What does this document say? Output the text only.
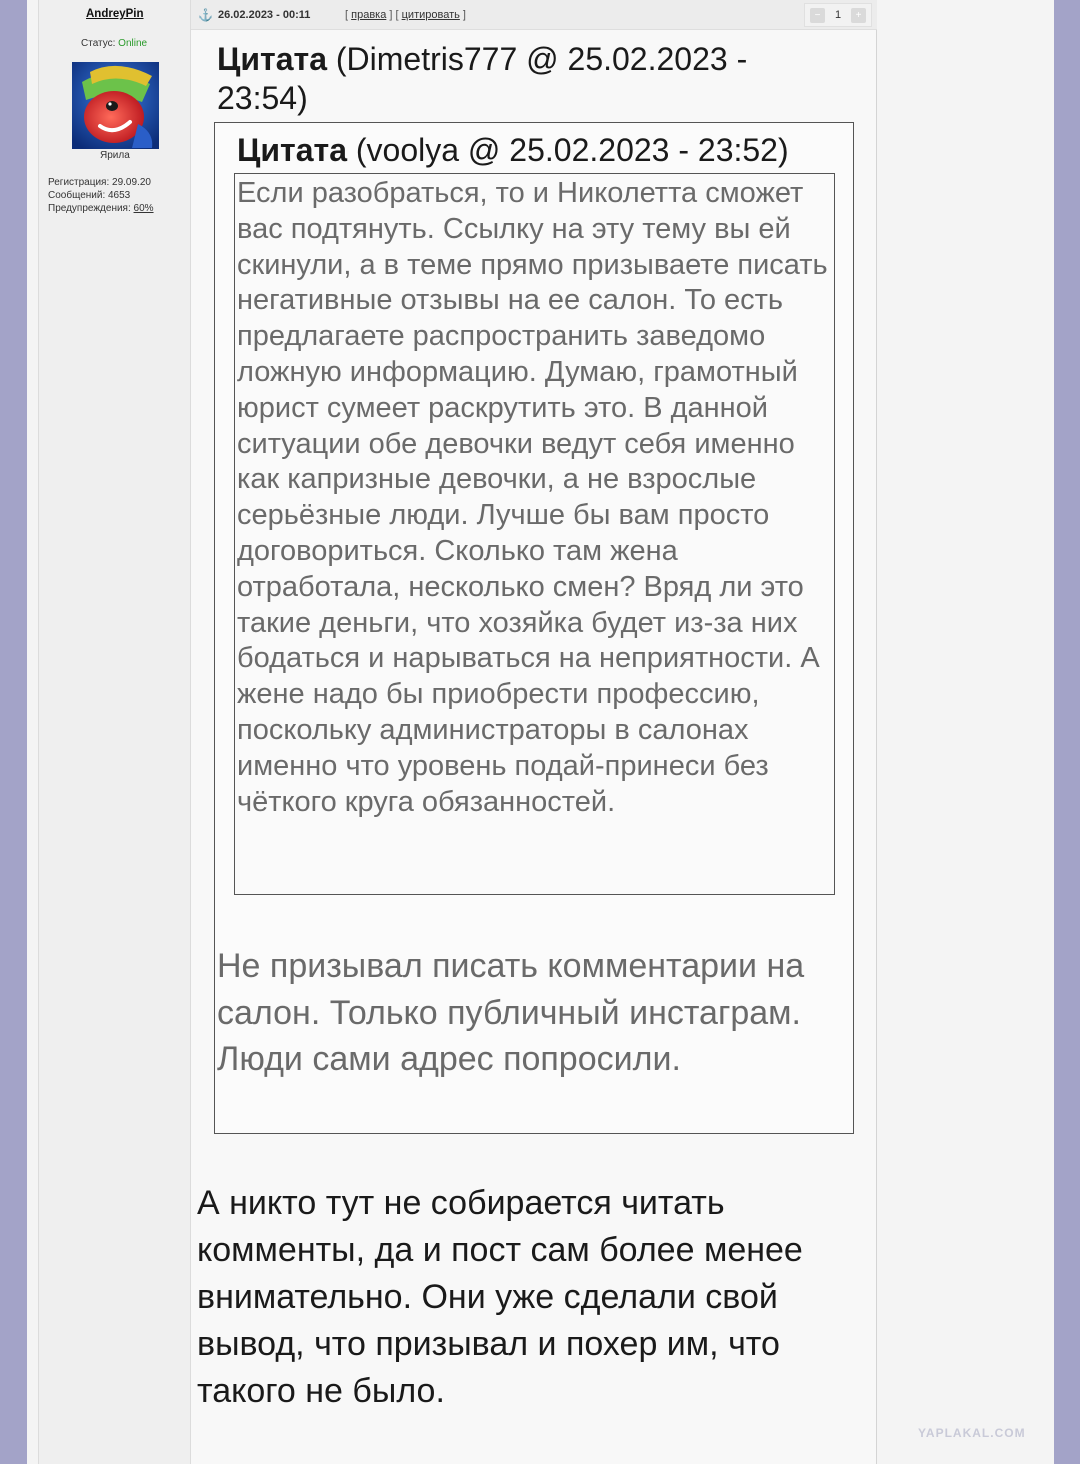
AndreyPin
Статус: Online
Ярила
Регистрация: 29.09.20
Сообщений: 4653
Предупреждения: 60%
⚓ 26.02.2023 - 00:11	[ правка ] [ цитировать ]	−	1	+
Цитата (Dimetris777 @ 25.02.2023 - 23:54)
Цитата (voolya @ 25.02.2023 - 23:52)

Если разобраться, то и Николетта сможет вас подтянуть. Ссылку на эту тему вы ей скинули, а в теме прямо призываете писать негативные отзывы на ее салон. То есть предлагаете распространить заведомо ложную информацию. Думаю, грамотный юрист сумеет раскрутить это. В данной ситуации обе девочки ведут себя именно как капризные девочки, а не взрослые серьёзные люди. Лучше бы вам просто договориться. Сколько там жена отработала, несколько смен? Вряд ли это такие деньги, что хозяйка будет из-за них бодаться и нарываться на неприятности. А жене надо бы приобрести профессию, поскольку администраторы в салонах именно что уровень подай-принеси без чёткого круга обязанностей.

Не призывал писать комментарии на салон. Только публичный инстаграм. Люди сами адрес попросили.

А никто тут не собирается читать комменты, да и пост сам более менее внимательно. Они уже сделали свой вывод, что призывал и похер им, что такого не было.

YAPLAKAL.COM
